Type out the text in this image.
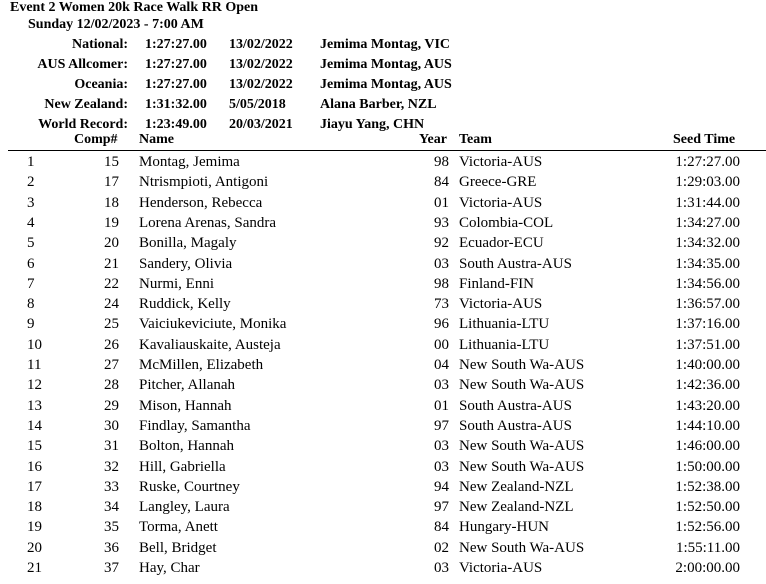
Event 2 Women 20k Race Walk RR Open
Sunday 12/02/2023 - 7:00 AM
National: 1:27:27.00 13/02/2022 Jemima Montag, VIC
AUS Allcomer: 1:27:27.00 13/02/2022 Jemima Montag, AUS
Oceania: 1:27:27.00 13/02/2022 Jemima Montag, AUS
New Zealand: 1:31:32.00 5/05/2018 Alana Barber, NZL
World Record: 1:23:49.00 20/03/2021 Jiayu Yang, CHN
Comp# Name	Year Team	Seed Time
1	15 Montag, Jemima	98 Victoria-AUS	1:27:27.00
2	17 Ntrismpioti, Antigoni	84 Greece-GRE	1:29:03.00
3	18 Henderson, Rebecca	01 Victoria-AUS	1:31:44.00
4	19 Lorena Arenas, Sandra	93 Colombia-COL	1:34:27.00
5	20 Bonilla, Magaly	92 Ecuador-ECU	1:34:32.00
6	21 Sandery, Olivia	03 South Austra-AUS	1:34:35.00
7	22 Nurmi, Enni	98 Finland-FIN	1:34:56.00
8	24 Ruddick, Kelly	73 Victoria-AUS	1:36:57.00
9	25 Vaiciukeviciute, Monika	96 Lithuania-LTU	1:37:16.00
10	26 Kavaliauskaite, Austeja	00 Lithuania-LTU	1:37:51.00
11	27 McMillen, Elizabeth	04 New South Wa-AUS	1:40:00.00
12	28 Pitcher, Allanah	03 New South Wa-AUS	1:42:36.00
13	29 Mison, Hannah	01 South Austra-AUS	1:43:20.00
14	30 Findlay, Samantha	97 South Austra-AUS	1:44:10.00
15	31 Bolton, Hannah	03 New South Wa-AUS	1:46:00.00
16	32 Hill, Gabriella	03 New South Wa-AUS	1:50:00.00
17	33 Ruske, Courtney	94 New Zealand-NZL	1:52:38.00
18	34 Langley, Laura	97 New Zealand-NZL	1:52:50.00
19	35 Torma, Anett	84 Hungary-HUN	1:52:56.00
20	36 Bell, Bridget	02 New South Wa-AUS	1:55:11.00
21	37 Hay, Char	03 Victoria-AUS	2:00:00.00
